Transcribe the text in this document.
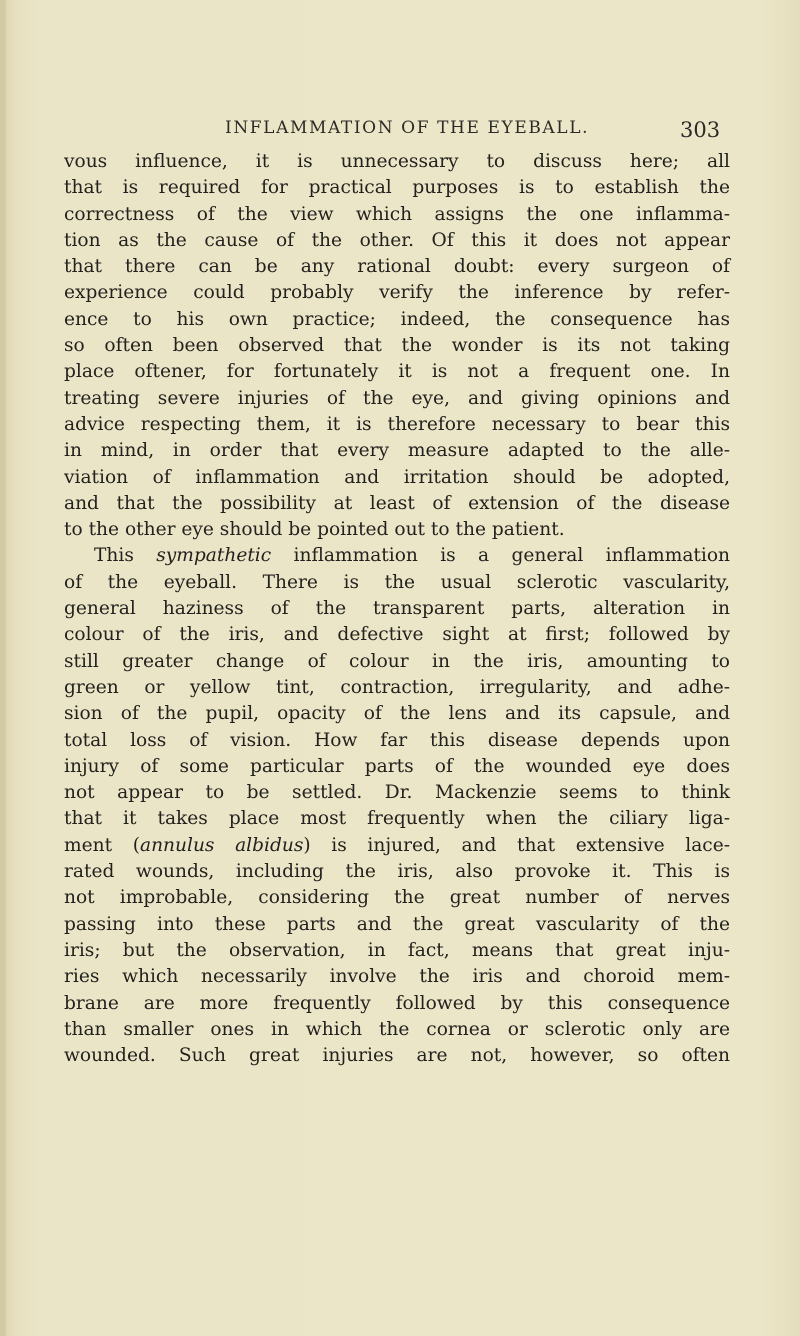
INFLAMMATION OF THE EYEBALL.	303
vous influence, it is unnecessary to discuss here; all
that is required for practical purposes is to establish the
correctness of the view which assigns the one inflamma-
tion as the cause of the other. Of this it does not appear
that there can be any rational doubt: every surgeon of
experience could probably verify the inference by refer-
ence to his own practice; indeed, the consequence has
so often been observed that the wonder is its not taking
place oftener, for fortunately it is not a frequent one. In
treating severe injuries of the eye, and giving opinions and
advice respecting them, it is therefore necessary to bear this
in mind, in order that every measure adapted to the alle-
viation of inflammation and irritation should be adopted,
and that the possibility at least of extension of the disease
to the other eye should be pointed out to the patient.
This sympathetic inflammation is a general inflammation
of the eyeball. There is the usual sclerotic vascularity,
general haziness of the transparent parts, alteration in
colour of the iris, and defective sight at first; followed by
still greater change of colour in the iris, amounting to
green or yellow tint, contraction, irregularity, and adhe-
sion of the pupil, opacity of the lens and its capsule, and
total loss of vision. How far this disease depends upon
injury of some particular parts of the wounded eye does
not appear to be settled. Dr. Mackenzie seems to think
that it takes place most frequently when the ciliary liga-
ment (annulus albidus) is injured, and that extensive lace-
rated wounds, including the iris, also provoke it. This is
not improbable, considering the great number of nerves
passing into these parts and the great vascularity of the
iris; but the observation, in fact, means that great inju-
ries which necessarily involve the iris and choroid mem-
brane are more frequently followed by this consequence
than smaller ones in which the cornea or sclerotic only are
wounded. Such great injuries are not, however, so often
